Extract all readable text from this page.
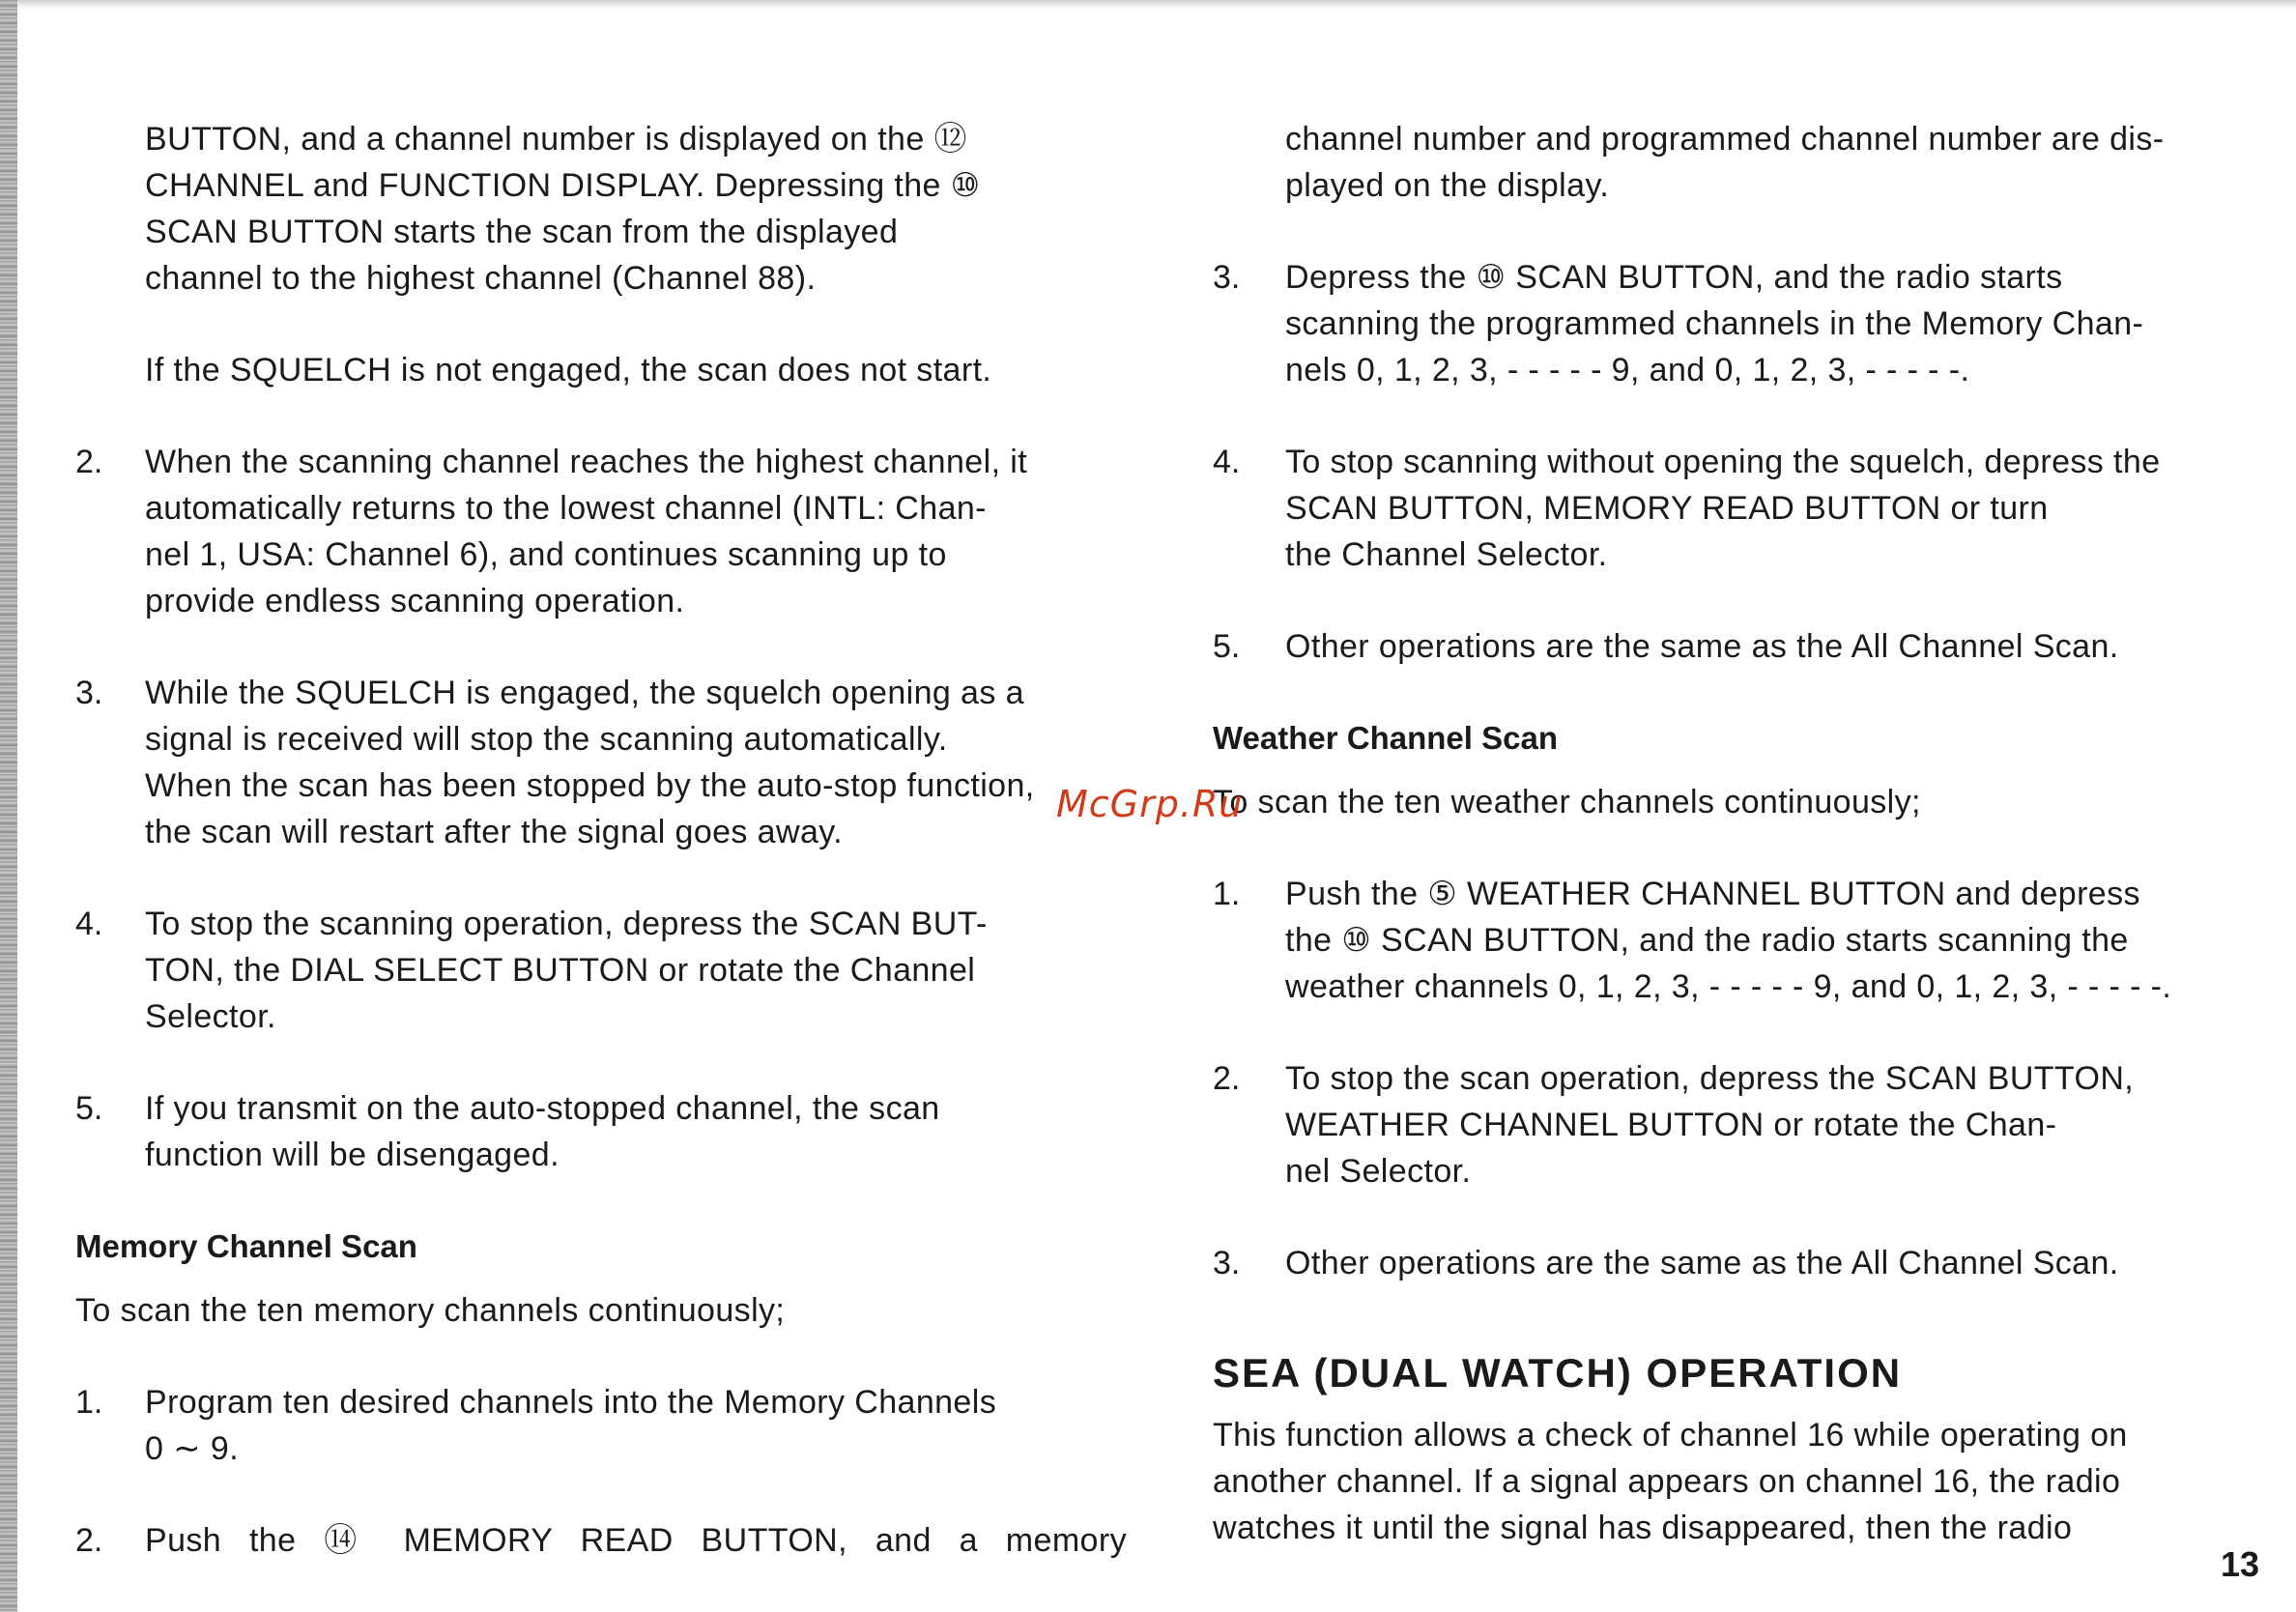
BUTTON, and a channel number is displayed on the ⑫
CHANNEL and FUNCTION DISPLAY. Depressing the ⑩
SCAN BUTTON starts the scan from the displayed
channel to the highest channel (Channel 88).

If the SQUELCH is not engaged, the scan does not start.

2. When the scanning channel reaches the highest channel, it
automatically returns to the lowest channel (INTL: Chan-
nel 1, USA: Channel 6), and continues scanning up to
provide endless scanning operation.

3. While the SQUELCH is engaged, the squelch opening as a
signal is received will stop the scanning automatically.
When the scan has been stopped by the auto-stop function,
the scan will restart after the signal goes away.

4. To stop the scanning operation, depress the SCAN BUT-
TON, the DIAL SELECT BUTTON or rotate the Channel
Selector.

5. If you transmit on the auto-stopped channel, the scan
function will be disengaged.

Memory Channel Scan

To scan the ten memory channels continuously;

1. Program ten desired channels into the Memory Channels
0 ∼ 9.

2. Push the ⑭ MEMORY READ BUTTON, and a memory

channel number and programmed channel number are dis-
played on the display.

3. Depress the ⑩ SCAN BUTTON, and the radio starts
scanning the programmed channels in the Memory Chan-
nels 0, 1, 2, 3, - - - - - 9, and 0, 1, 2, 3, - - - - -.

4. To stop scanning without opening the squelch, depress the
SCAN BUTTON, MEMORY READ BUTTON or turn
the Channel Selector.

5. Other operations are the same as the All Channel Scan.

Weather Channel Scan

To scan the ten weather channels continuously;

1. Push the ⑤ WEATHER CHANNEL BUTTON and depress
the ⑩ SCAN BUTTON, and the radio starts scanning the
weather channels 0, 1, 2, 3, - - - - - 9, and 0, 1, 2, 3, - - - - -.

2. To stop the scan operation, depress the SCAN BUTTON,
WEATHER CHANNEL BUTTON or rotate the Chan-
nel Selector.

3. Other operations are the same as the All Channel Scan.

SEA (DUAL WATCH) OPERATION

This function allows a check of channel 16 while operating on
another channel. If a signal appears on channel 16, the radio
watches it until the signal has disappeared, then the radio

McGrp.Ru
13
